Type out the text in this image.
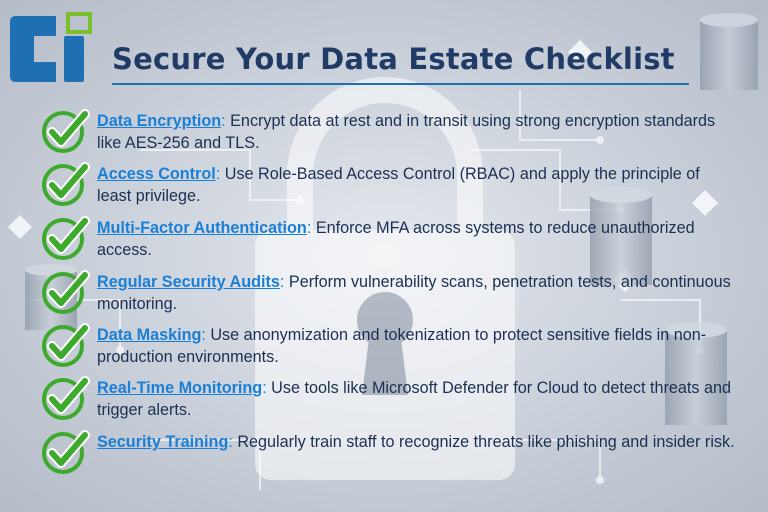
Secure Your Data Estate Checklist
Data Encryption: Encrypt data at rest and in transit using strong encryption standards like AES-256 and TLS.
Access Control: Use Role-Based Access Control (RBAC) and apply the principle of least privilege.
Multi-Factor Authentication: Enforce MFA across systems to reduce unauthorized access.
Regular Security Audits: Perform vulnerability scans, penetration tests, and continuous monitoring.
Data Masking: Use anonymization and tokenization to protect sensitive fields in non-production environments.
Real-Time Monitoring: Use tools like Microsoft Defender for Cloud to detect threats and trigger alerts.
Security Training: Regularly train staff to recognize threats like phishing and insider risk.
